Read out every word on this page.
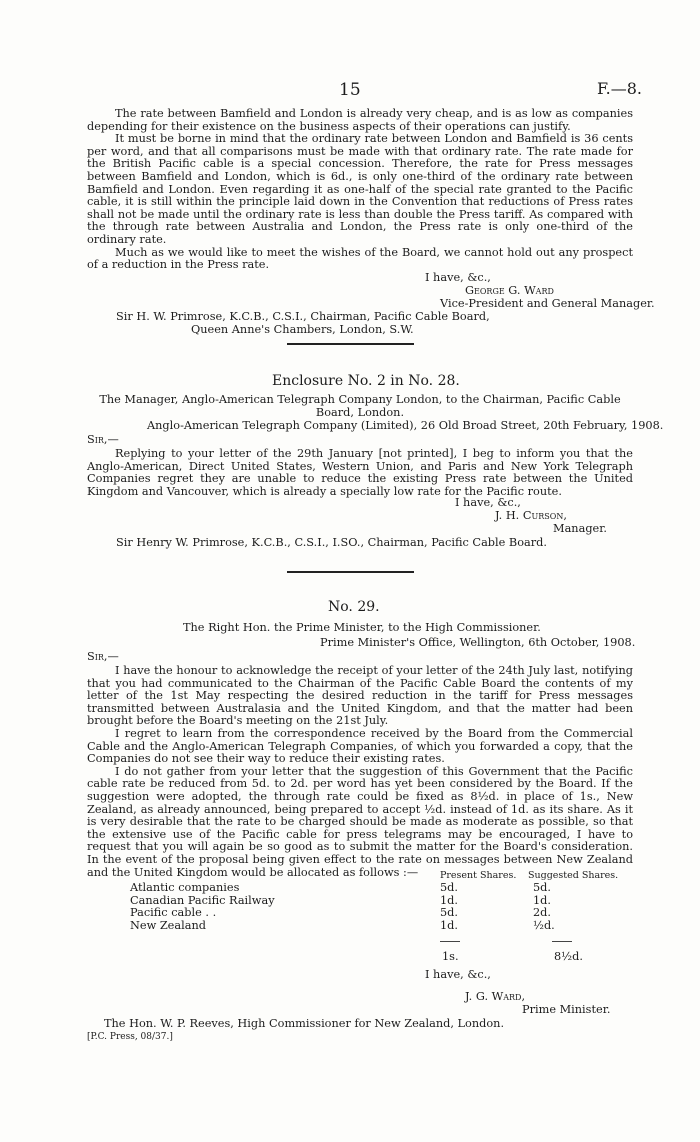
15	F.—8.

The rate between Bamfield and London is already very cheap, and is as low as companies depending for their existence on the business aspects of their operations can justify.

It must be borne in mind that the ordinary rate between London and Bamfield is 36 cents per word, and that all comparisons must be made with that ordinary rate. The rate made for the British Pacific cable is a special concession. Therefore, the rate for Press messages between Bamfield and London, which is 6d., is only one-third of the ordinary rate between Bamfield and London. Even regarding it as one-half of the special rate granted to the Pacific cable, it is still within the principle laid down in the Convention that reductions of Press rates shall not be made until the ordinary rate is less than double the Press tariff. As compared with the through rate between Australia and London, the Press rate is only one-third of the ordinary rate.

Much as we would like to meet the wishes of the Board, we cannot hold out any prospect of a reduction in the Press rate.

I have, &c.,
George G. Ward
Vice-President and General Manager.
Sir H. W. Primrose, K.C.B., C.S.I., Chairman, Pacific Cable Board,
Queen Anne's Chambers, London, S.W.
Enclosure No. 2 in No. 28.
The Manager, Anglo-American Telegraph Company London, to the Chairman, Pacific Cable Board, London.
Anglo-American Telegraph Company (Limited), 26 Old Broad Street, 20th February, 1908.
Sir,—

Replying to your letter of the 29th January [not printed], I beg to inform you that the Anglo-American, Direct United States, Western Union, and Paris and New York Telegraph Companies regret they are unable to reduce the existing Press rate between the United Kingdom and Vancouver, which is already a specially low rate for the Pacific route.

I have, &c.,
J. H. Curson,
Manager.
Sir Henry W. Primrose, K.C.B., C.S.I., I.SO., Chairman, Pacific Cable Board.
No. 29.
The Right Hon. the Prime Minister, to the High Commissioner.
Prime Minister's Office, Wellington, 6th October, 1908.
Sir,—

I have the honour to acknowledge the receipt of your letter of the 24th July last, notifying that you had communicated to the Chairman of the Pacific Cable Board the contents of my letter of the 1st May respecting the desired reduction in the tariff for Press messages transmitted between Australasia and the United Kingdom, and that the matter had been brought before the Board's meeting on the 21st July.

I regret to learn from the correspondence received by the Board from the Commercial Cable and the Anglo-American Telegraph Companies, of which you forwarded a copy, that the Companies do not see their way to reduce their existing rates.

I do not gather from your letter that the suggestion of this Government that the Pacific cable rate be reduced from 5d. to 2d. per word has yet been considered by the Board. If the suggestion were adopted, the through rate could be fixed as 8½d. in place of 1s., New Zealand, as already announced, being prepared to accept ½d. instead of 1d. as its share. As it is very desirable that the rate to be charged should be made as moderate as possible, so that the extensive use of the Pacific cable for press telegrams may be encouraged, I have to request that you will again be so good as to submit the matter for the Board's consideration. In the event of the proposal being given effect to the rate on messages between New Zealand and the United Kingdom would be allocated as follows :—	Present Shares. Suggested Shares.
Atlantic companies	5d.	5d.
Canadian Pacific Railway	1d.	1d.
Pacific cable . .	5d.	2d.
New Zealand	1d.	½d.
1s.	8½d.
I have, &c.,
J. G. Ward,
Prime Minister.
The Hon. W. P. Reeves, High Commissioner for New Zealand, London.
[P.C. Press, 08/37.]
